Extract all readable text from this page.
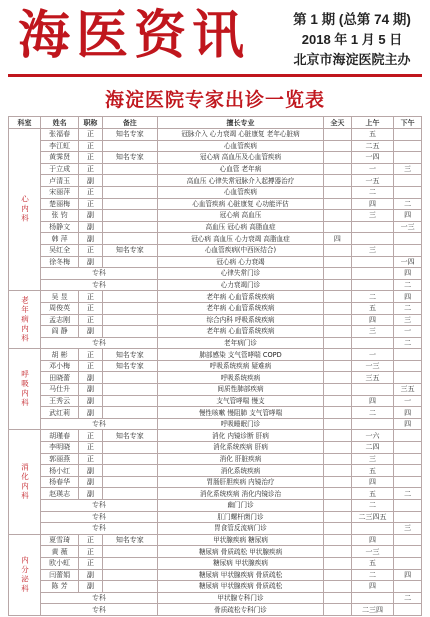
海医资讯	第 1 期 (总第 74 期)
2018 年 1 月 5 日
北京市海淀医院主办
海淀医院专家出诊一览表
科室	姓名	职称	备注	擅长专业	全天	上午	下午
心内科	张福春	正	知名专家	冠脉介入 心力衰竭 心脏康复 老年心脏病		五	
	李江虹	正		心血管疾病		二五	
	黄霁贤	正	知名专家	冠心病 高血压及心血管疾病		一四	
	于立成	正		心血管 老年病		一	三
	卢清玉	副		高血压 心律失常冠脉介入起搏器治疗		一五	
	宋丽萍	正		心血管疾病		二	
	楚丽梅	正		心血管疾病 心脏康复 心功能评估		四	二
	张 钧	副		冠心病 高血压		三	四
	杨静文	副		高血压 冠心病 高脂血症			一三
	韩 萍	副		冠心病 高血压 心力衰竭 高脂血症	四		
	吴红全	正	知名专家	心血管疾病(中西医结合)		三	
	徐冬梅	副		冠心病 心力衰竭			一四
	专科			心律失常门诊			四
	专科			心力衰竭门诊			二
老年病内科	吴 昱	正		老年病 心血管系统疾病		二	四
	周俊英	正		老年病 心血管系统疾病		五	二
	孟志刚	正		综合内科 呼吸系统疾病		四	三
	阎 静	副		老年病 心血管系统疾病		三	一
	专科			老年病门诊			二
呼吸内科	胡 彬	正	知名专家	肺部感染 支气管哮喘 COPD		一	
	邓小梅	正	知名专家	呼吸系统疾病 疑难病		一三	
	田晓蕾	副		呼吸系统疾病		三五	
	马仕升	副		间质性肺部疾病			三五
	王秀云	副		支气管哮喘 慢支		四	一
	武红莉	副		慢性咳嗽 慢阻肺 支气管哮喘		二	四
	专科			呼吸睡眠门诊			四
消化内科	胡瑾春	正	知名专家	消化 内镜诊断 肝病		一六	
	李明晓	正		消化系统疾病 肝病		二四	
	郭丽燕	正		消化 肝脏疾病		三	
	杨小红	副		消化系统疾病		五	
	杨春华	副		胃肠肝胆疾病 内镜治疗		四	
	赵瑛志	副		消化系统疾病 消化内镜诊治		五	二
	专科			幽门门诊		二	
	专科			肛门螺杆菌门诊		二三四五	
	专科			胃食管反流病门诊			三
内分泌科	夏雪琦	正	知名专家	甲状腺疾病 糖尿病		四	
	黄 薇	正		糖尿病 骨质疏松 甲状腺疾病		一三	
	欧小虹	正		糖尿病 甲状腺疾病		五	
	闫蕾娟	副		糖尿病 甲状腺疾病 骨质疏松		二	四
	陈 芳	副		糖尿病 甲状腺疾病 骨质疏松		四	
	专科			甲状腺专科门诊			二
	专科			骨质疏松专科门诊		二三四	
